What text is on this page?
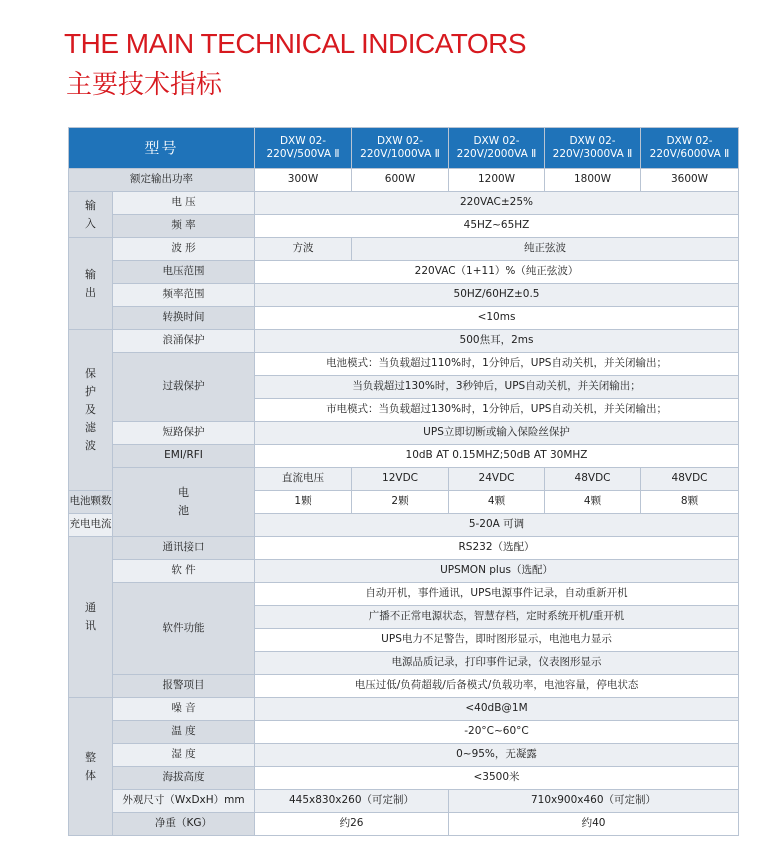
THE MAIN TECHNICAL INDICATORS
主要技术指标
型号		DXW 02-220V/500VA Ⅱ	DXW 02-220V/1000VA Ⅱ	DXW 02-220V/2000VA Ⅱ	DXW 02-220V/3000VA Ⅱ	DXW 02-220V/6000VA Ⅱ	
额定输出功率		300W	600W	1200W	1800W	3600W	
输入	电 压	220VAC±25%					
	频 率	45HZ~65HZ					
输出	波 形	方波	纯正弦波				
	电压范围	220VAC（1+11）%（纯正弦波）					
	频率范围	50HZ/60HZ±0.5					
	转换时间	<10ms					
保护及滤波	浪涌保护	500焦耳，2ms					
	过载保护	电池模式：当负载超过110%时，1分钟后，UPS自动关机，并关闭输出；					
		当负载超过130%时，3秒钟后，UPS自动关机，并关闭输出；					
		市电模式：当负载超过130%时，1分钟后，UPS自动关机，并关闭输出；					
	短路保护	UPS立即切断或输入保险丝保护					
	EMI/RFI	10dB AT 0.15MHZ;50dB AT 30MHZ					
	电池	直流电压	12VDC	24VDC	48VDC	48VDC	
电池颗数		1颗	2颗	4颗	4颗	8颗	
充电电流		5-20A 可调					
通讯	通讯接口	RS232（选配）					
	软 件	UPSMON plus（选配）					
	软件功能	自动开机，事件通讯，UPS电源事件记录，自动重新开机					
		广播不正常电源状态，智慧存档，定时系统开机/重开机					
		UPS电力不足警告，即时图形显示，电池电力显示					
		电源品质记录，打印事件记录，仪表图形显示					
	报警项目	电压过低/负荷超载/后备模式/负载功率，电池容量，停电状态					
整体	噪 音	<40dB@1M					
	温 度	-20°C~60°C					
	湿 度	0~95%，无凝露					
	海拔高度	<3500米					
	外观尺寸（WxDxH）mm	445x830x260（可定制）		710x900x460（可定制）			
	净重（KG）	约26		约40			
